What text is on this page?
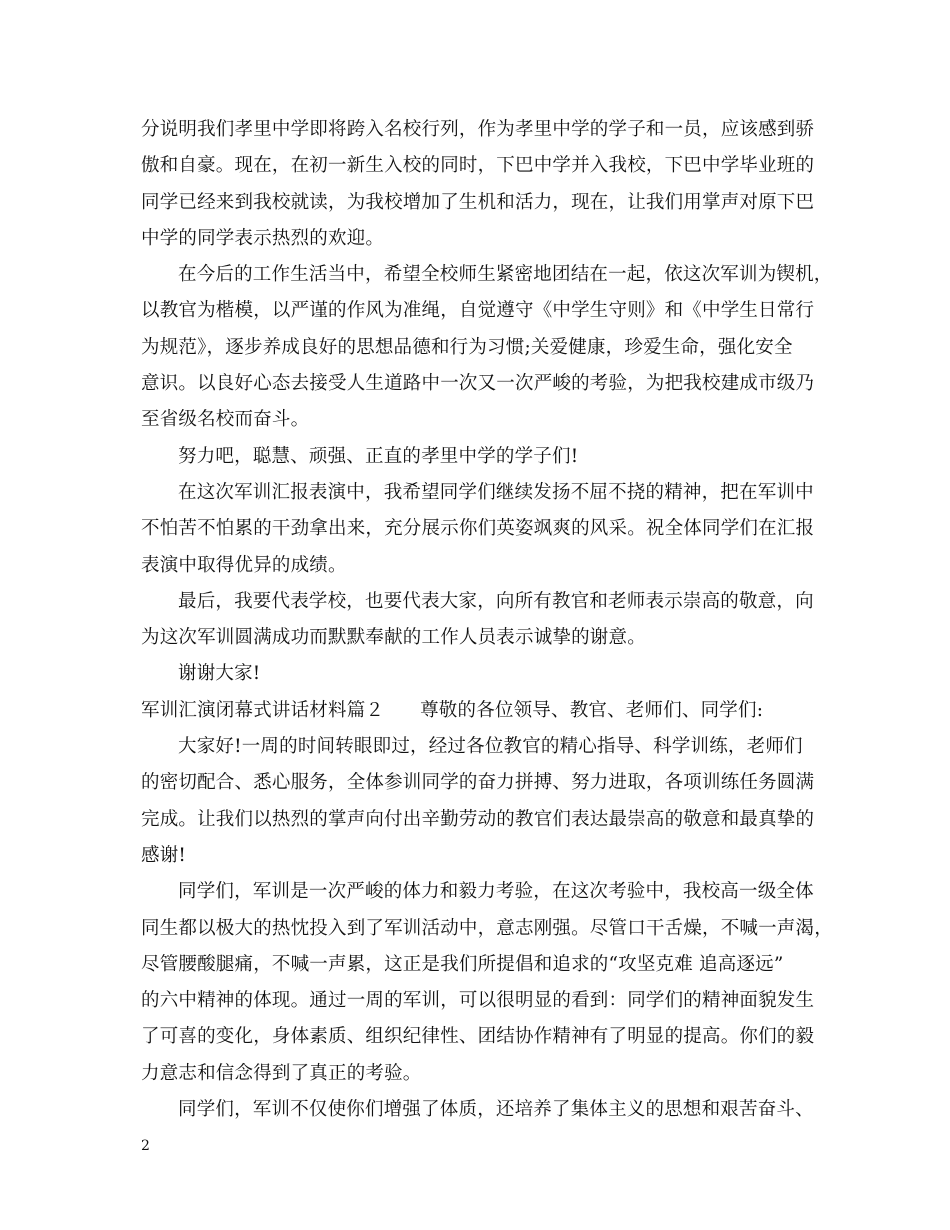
分说明我们孝里中学即将跨入名校行列，作为孝里中学的学子和一员，应该感到骄
傲和自豪。现在，在初一新生入校的同时，下巴中学并入我校，下巴中学毕业班的
同学已经来到我校就读，为我校增加了生机和活力，现在，让我们用掌声对原下巴
中学的同学表示热烈的欢迎。
在今后的工作生活当中，希望全校师生紧密地团结在一起，依这次军训为锲机，
以教官为楷模，以严谨的作风为准绳，自觉遵守《中学生守则》和《中学生日常行
为规范》，逐步养成良好的思想品德和行为习惯;关爱健康，珍爱生命，强化安全
意识。以良好心态去接受人生道路中一次又一次严峻的考验，为把我校建成市级乃
至省级名校而奋斗。
努力吧，聪慧、顽强、正直的孝里中学的学子们!
在这次军训汇报表演中，我希望同学们继续发扬不屈不挠的精神，把在军训中
不怕苦不怕累的干劲拿出来，充分展示你们英姿飒爽的风采。祝全体同学们在汇报
表演中取得优异的成绩。
最后，我要代表学校，也要代表大家，向所有教官和老师表示崇高的敬意，向
为这次军训圆满成功而默默奉献的工作人员表示诚挚的谢意。
谢谢大家!
军训汇演闭幕式讲话材料篇２ 尊敬的各位领导、教官、老师们、同学们:
大家好!一周的时间转眼即过，经过各位教官的精心指导、科学训练，老师们
的密切配合、悉心服务，全体参训同学的奋力拼搏、努力进取，各项训练任务圆满
完成。让我们以热烈的掌声向付出辛勤劳动的教官们表达最崇高的敬意和最真挚的
感谢!
同学们，军训是一次严峻的体力和毅力考验，在这次考验中，我校高一级全体
同生都以极大的热忱投入到了军训活动中，意志刚强。尽管口干舌燥，不喊一声渴，
尽管腰酸腿痛，不喊一声累，这正是我们所提倡和追求的“攻坚克难 追高逐远”
的六中精神的体现。通过一周的军训，可以很明显的看到：同学们的精神面貌发生
了可喜的变化，身体素质、组织纪律性、团结协作精神有了明显的提高。你们的毅
力意志和信念得到了真正的考验。
同学们，军训不仅使你们增强了体质，还培养了集体主义的思想和艰苦奋斗、
2
